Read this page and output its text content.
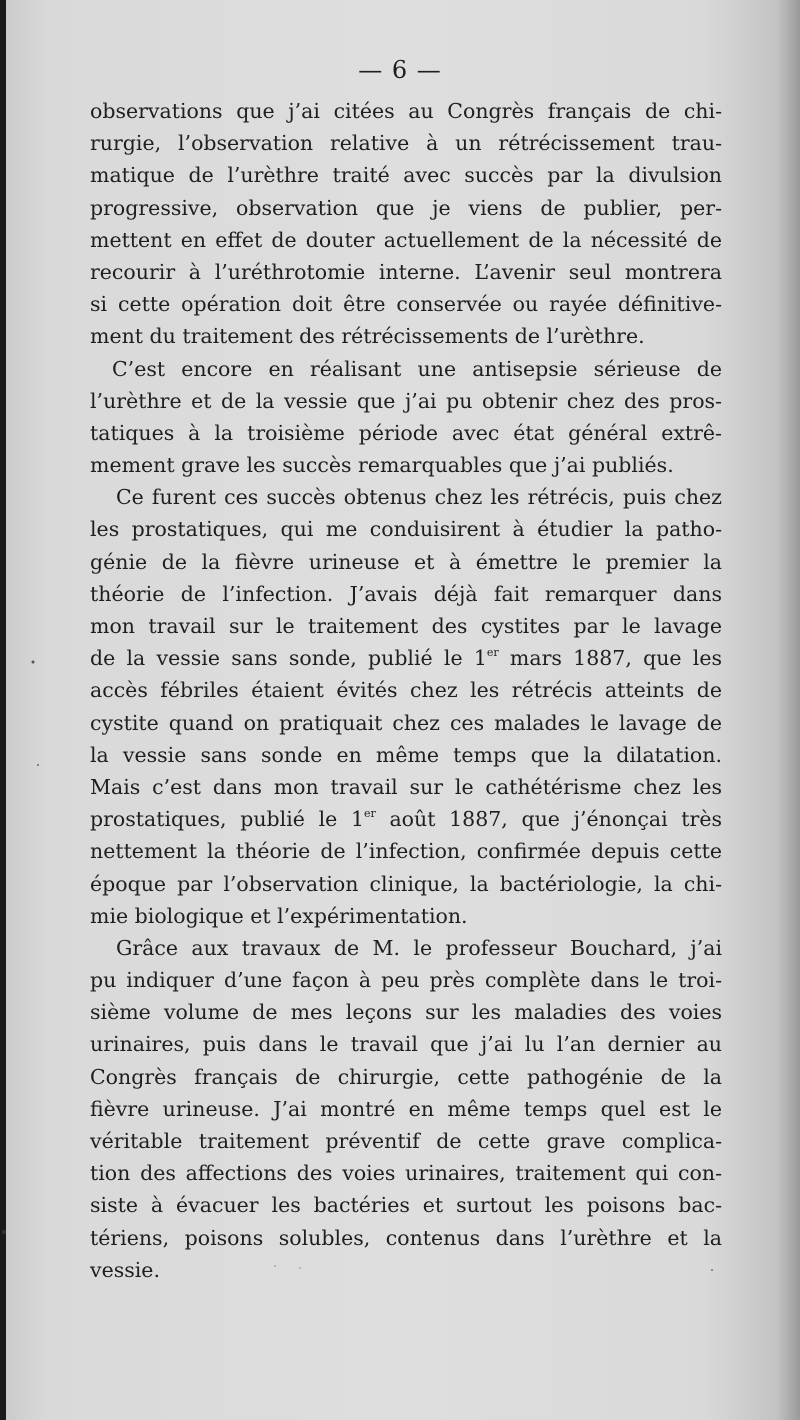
— 6 —
observations que j’ai citées au Congrès français de chi-
rurgie, l’observation relative à un rétrécissement trau-
matique de l’urèthre traité avec succès par la divulsion
progressive, observation que je viens de publier, per-
mettent en effet de douter actuellement de la nécessité de
recourir à l’uréthrotomie interne. L’avenir seul montrera
si cette opération doit être conservée ou rayée définitive-
ment du traitement des rétrécissements de l’urèthre.
C’est encore en réalisant une antisepsie sérieuse de
l’urèthre et de la vessie que j’ai pu obtenir chez des pros-
tatiques à la troisième période avec état général extrê-
mement grave les succès remarquables que j’ai publiés.
Ce furent ces succès obtenus chez les rétrécis, puis chez
les prostatiques, qui me conduisirent à étudier la patho-
génie de la fièvre urineuse et à émettre le premier la
théorie de l’infection. J’avais déjà fait remarquer dans
mon travail sur le traitement des cystites par le lavage
de la vessie sans sonde, publié le 1er mars 1887, que les
accès fébriles étaient évités chez les rétrécis atteints de
cystite quand on pratiquait chez ces malades le lavage de
la vessie sans sonde en même temps que la dilatation.
Mais c’est dans mon travail sur le cathétérisme chez les
prostatiques, publié le 1er août 1887, que j’énonçai très
nettement la théorie de l’infection, confirmée depuis cette
époque par l’observation clinique, la bactériologie, la chi-
mie biologique et l’expérimentation.
Grâce aux travaux de M. le professeur Bouchard, j’ai
pu indiquer d’une façon à peu près complète dans le troi-
sième volume de mes leçons sur les maladies des voies
urinaires, puis dans le travail que j’ai lu l’an dernier au
Congrès français de chirurgie, cette pathogénie de la
fièvre urineuse. J’ai montré en même temps quel est le
véritable traitement préventif de cette grave complica-
tion des affections des voies urinaires, traitement qui con-
siste à évacuer les bactéries et surtout les poisons bac-
tériens, poisons solubles, contenus dans l’urèthre et la
vessie.
